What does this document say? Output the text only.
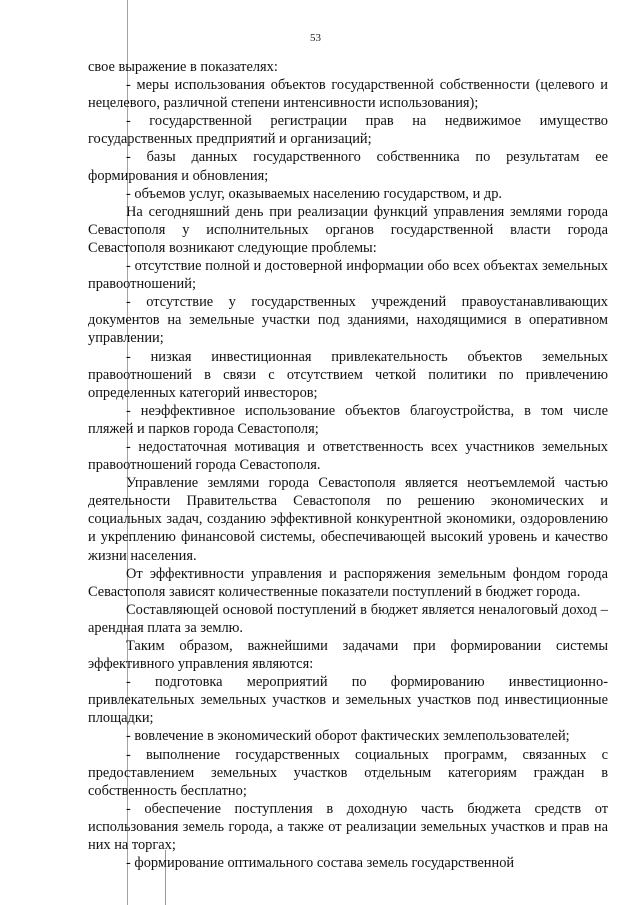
53

свое выражение в показателях:

- меры использования объектов государственной собственности (целевого и нецелевого, различной степени интенсивности использования);

- государственной регистрации прав на недвижимое имущество государственных предприятий и организаций;

- базы данных государственного собственника по результатам ее формирования и обновления;

- объемов услуг, оказываемых населению государством, и др.

На сегодняшний день при реализации функций управления землями города Севастополя у исполнительных органов государственной власти города Севастополя возникают следующие проблемы:

- отсутствие полной и достоверной информации обо всех объектах земельных правоотношений;

- отсутствие у государственных учреждений правоустанавливающих документов на земельные участки под зданиями, находящимися в оперативном управлении;

- низкая инвестиционная привлекательность объектов земельных правоотношений в связи с отсутствием четкой политики по привлечению определенных категорий инвесторов;

- неэффективное использование объектов благоустройства, в том числе пляжей и парков города Севастополя;

- недостаточная мотивация и ответственность всех участников земельных правоотношений города Севастополя.

Управление землями города Севастополя является неотъемлемой частью деятельности Правительства Севастополя по решению экономических и социальных задач, созданию эффективной конкурентной экономики, оздоровлению и укреплению финансовой системы, обеспечивающей высокий уровень и качество жизни населения.

От эффективности управления и распоряжения земельным фондом города Севастополя зависят количественные показатели поступлений в бюджет города.

Составляющей основой поступлений в бюджет является неналоговый доход – арендная плата за землю.

Таким образом, важнейшими задачами при формировании системы эффективного управления являются:

- подготовка мероприятий по формированию инвестиционно-привлекательных земельных участков и земельных участков под инвестиционные площадки;

- вовлечение в экономический оборот фактических землепользователей;

- выполнение государственных социальных программ, связанных с предоставлением земельных участков отдельным категориям граждан в собственность бесплатно;

- обеспечение поступления в доходную часть бюджета средств от использования земель города, а также от реализации земельных участков и прав на них на торгах;

- формирование оптимального состава земель государственной
